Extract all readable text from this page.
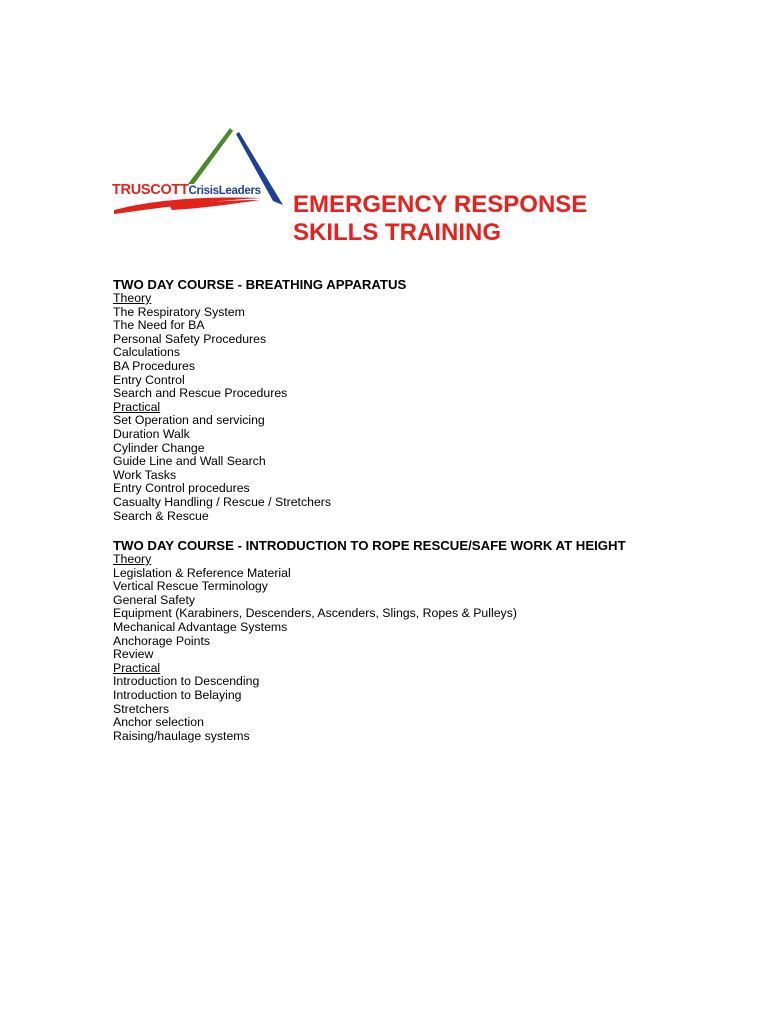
TRUSCOTTCrisisLeaders EMERGENCY RESPONSE
SKILLS TRAINING
TWO DAY COURSE - BREATHING APPARATUS
Theory
The Respiratory System
The Need for BA
Personal Safety Procedures
Calculations
BA Procedures
Entry Control
Search and Rescue Procedures
Practical
Set Operation and servicing
Duration Walk
Cylinder Change
Guide Line and Wall Search
Work Tasks
Entry Control procedures
Casualty Handling / Rescue / Stretchers
Search & Rescue
TWO DAY COURSE - INTRODUCTION TO ROPE RESCUE/SAFE WORK AT HEIGHT
Theory
Legislation & Reference Material
Vertical Rescue Terminology
General Safety
Equipment (Karabiners, Descenders, Ascenders, Slings, Ropes & Pulleys)
Mechanical Advantage Systems
Anchorage Points
Review
Practical
Introduction to Descending
Introduction to Belaying
Stretchers
Anchor selection
Raising/haulage systems
